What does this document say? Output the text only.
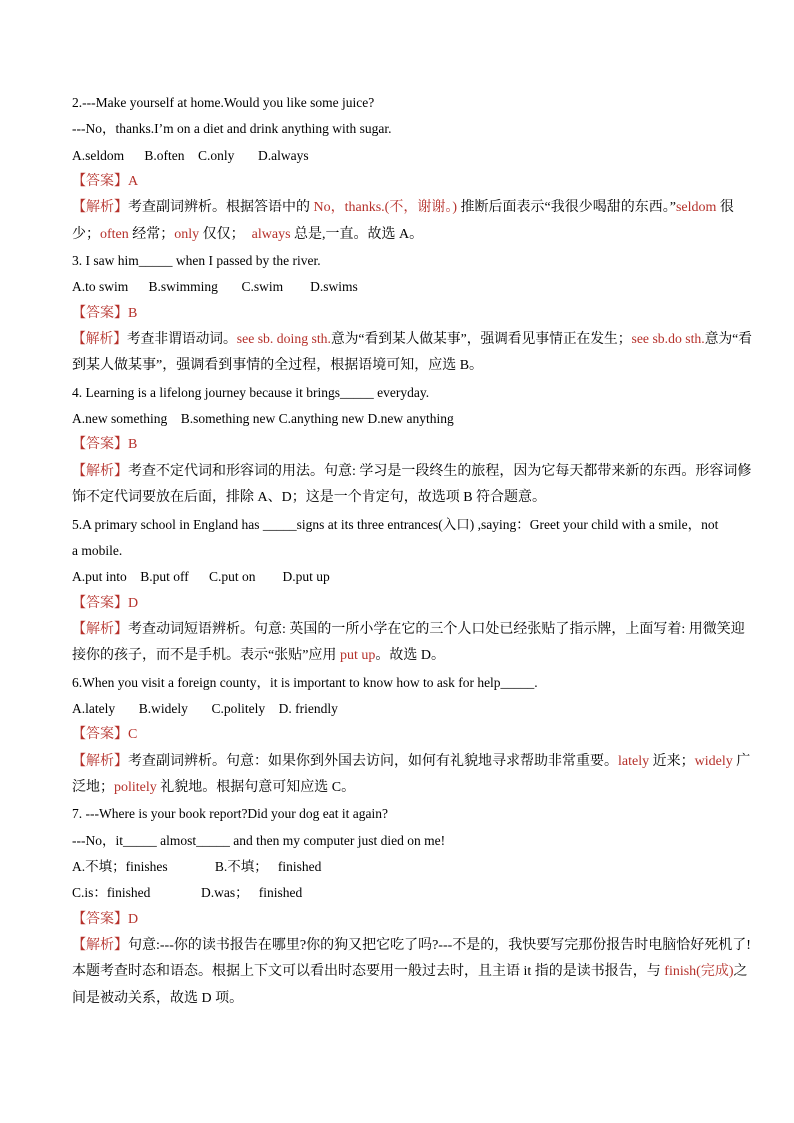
2.---Make yourself at home.Would you like some juice?
---No，thanks.I’m on a diet and drink anything with sugar.
A.seldom      B.often    C.only       D.always
【答案】A
【解析】考查副词辨析。根据答语中的 No，thanks.(不，谢谢。) 推断后面表示“我很少喝甜的东西。”seldom 很
少；often 经常；only 仅仅；  always 总是,一直。故选 A。
3. I saw him_____ when I passed by the river.
A.to swim      B.swimming       C.swim        D.swims
【答案】B
【解析】考查非谓语动词。see sb. doing sth.意为“看到某人做某事”，强调看见事情正在发生；see sb.do sth.意为“看
到某人做某事”，强调看到事情的全过程，根据语境可知，应选 B。
4. Learning is a lifelong journey because it brings_____ everyday.
A.new something    B.something new C.anything new D.new anything
【答案】B
【解析】考查不定代词和形容词的用法。句意: 学习是一段终生的旅程，因为它每天都带来新的东西。形容词修
饰不定代词要放在后面，排除 A、D；这是一个肯定句，故选项 B 符合题意。
5.A primary school in England has _____signs at its three entrances(入口) ,saying：Greet your child with a smile，not
a mobile.
A.put into    B.put off      C.put on        D.put up
【答案】D
【解析】考查动词短语辨析。句意: 英国的一所小学在它的三个人口处已经张贴了指示牌，上面写着: 用微笑迎
接你的孩子，而不是手机。表示“张贴”应用 put up。故选 D。
6.When you visit a foreign county，it is important to know how to ask for help_____.
A.lately       B.widely       C.politely    D. friendly
【答案】C
【解析】考查副词辨析。句意：如果你到外国去访问，如何有礼貌地寻求帮助非常重要。lately 近来；widely 广
泛地；politely 礼貌地。根据句意可知应选 C。
7. ---Where is your book report?Did your dog eat it again?
---No，it_____ almost_____ and then my computer just died on me!
A.不填；finishes              B.不填；   finished
C.is：finished               D.was；   finished
【答案】D
【解析】句意:---你的读书报告在哪里?你的狗又把它吃了吗?---不是的，我快要写完那份报告时电脑恰好死机了!
本题考查时态和语态。根据上下文可以看出时态要用一般过去时，且主语 it 指的是读书报告，与 finish(完成)之
间是被动关系，故选 D 项。
